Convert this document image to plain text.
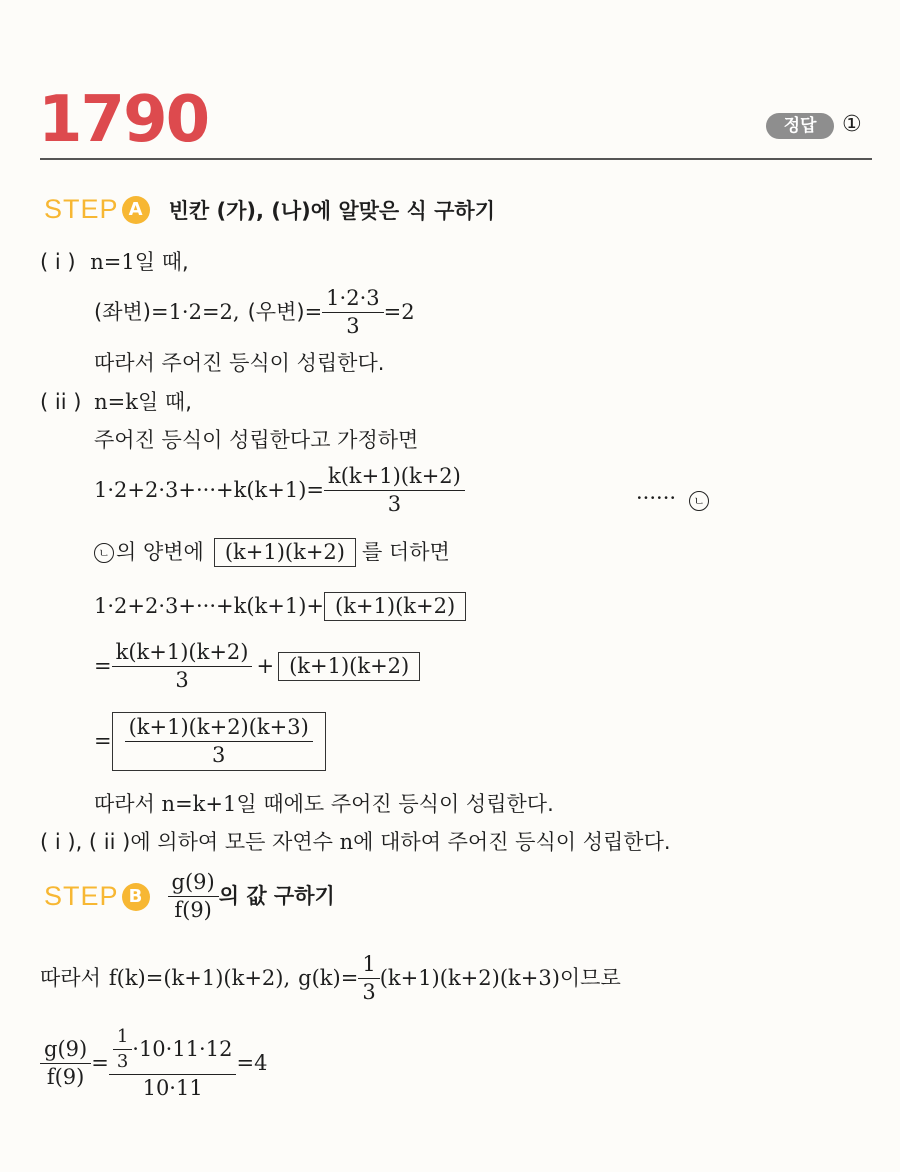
1790	정답	①
STEP A 빈칸 (가), (나)에 알맞은 식 구하기
( i ) n=1일 때,
(좌변) =1·2=2, (우변) = $\frac{1\cdot 2\cdot 3}{3} =2$
따라서 주어진 등식이 성립한다.
( ii ) n=k일 때,
주어진 등식이 성립한다고 가정하면
$1\cdot 2+2\cdot 3+\cdot\cdot\cdot+k(k+1)= \frac{k(k+1)(k+2)}{3}$	······ ㄴ
ㄴ 의 양변에	(k+1)(k+2) 를 더하면
1·2+2·3+···+k(k+1)+ (k+1)(k+2)
= $\frac{k(k+1)(k+2)}{3} + (k+1)(k+2)$
= $\frac{(k+1)(k+2)(k+3)}{3}$
따라서 n=k+1일 때에도 주어진 등식이 성립한다.
( i ), ( ii )에 의하여 모든 자연수 n에 대하여 주어진 등식이 성립한다.
STEP B	$\frac{g(9)}{f(9)}$ 의 값 구하기
따라서 f(k)=(k+1)(k+2), $g(k)= \frac{1}{3} (k+1)(k+2)(k+3)$ 이므로
$\frac{g(9)}{f(9)} = \frac{\frac{1}{3} \cdot 10\cdot 11\cdot 12}{10\cdot 11} =4$
